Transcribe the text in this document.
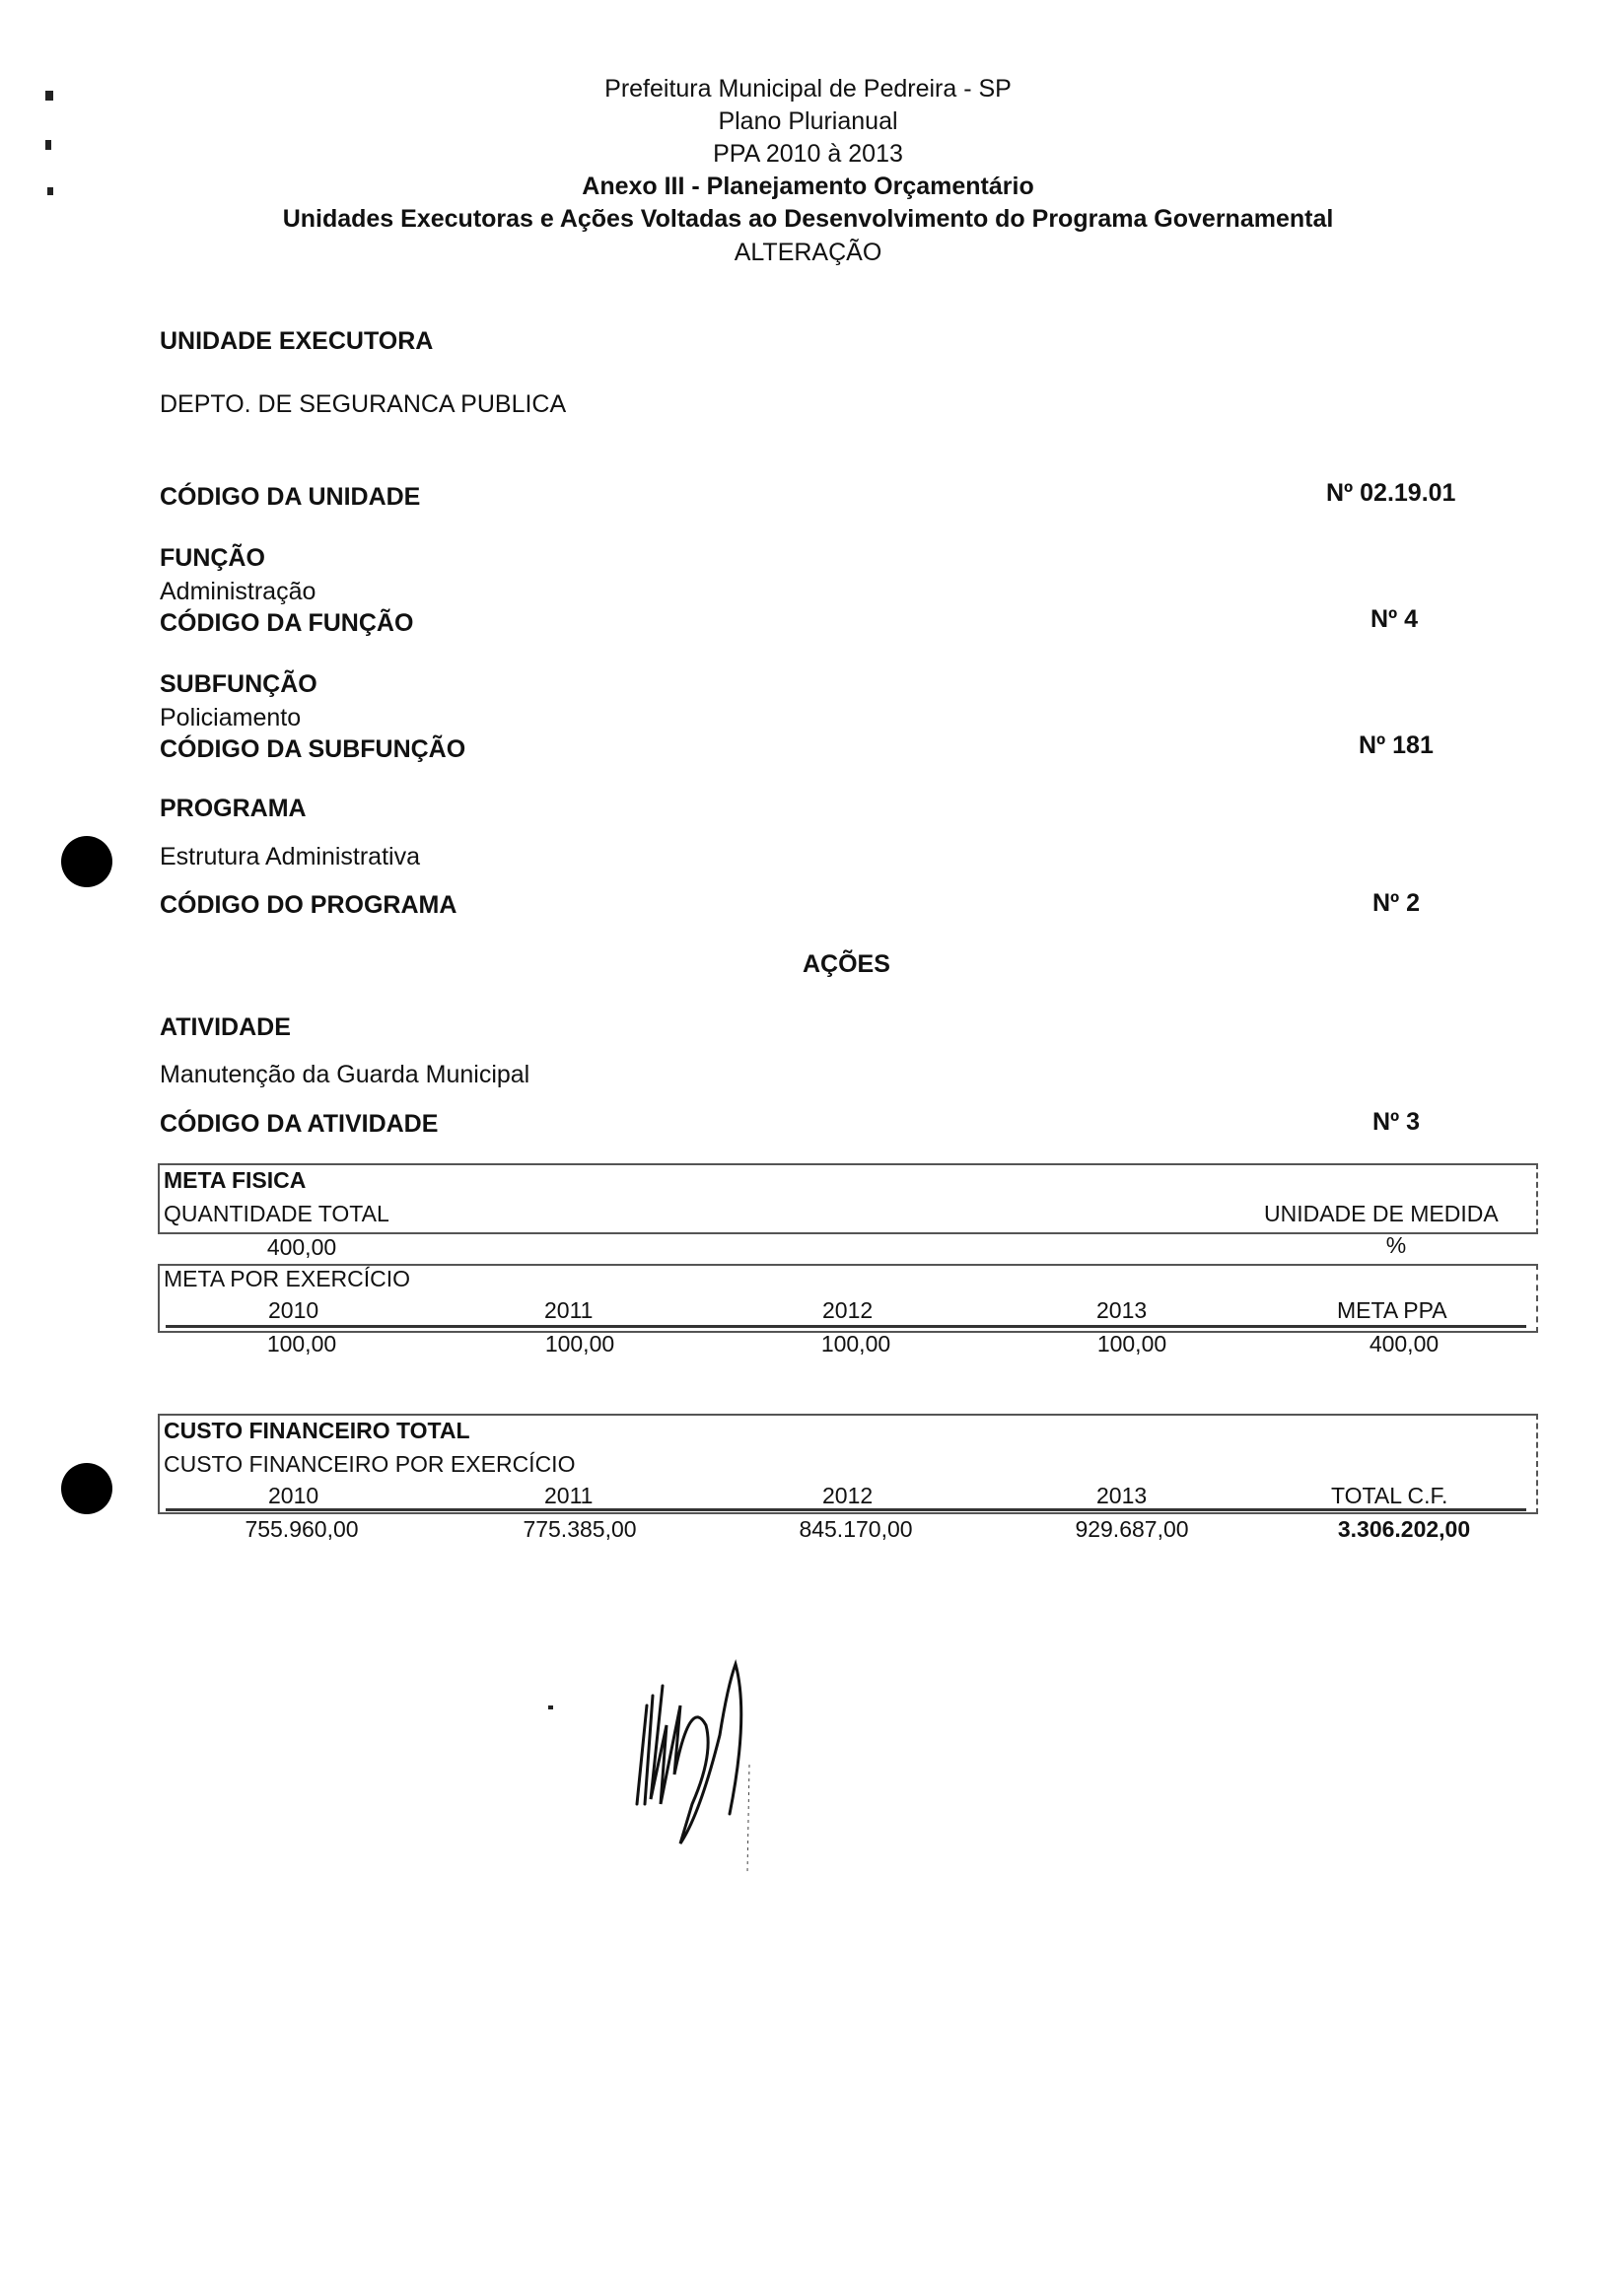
Prefeitura Municipal de Pedreira - SP
Plano Plurianual
PPA 2010 à 2013
Anexo III - Planejamento Orçamentário
Unidades Executoras e Ações Voltadas ao Desenvolvimento do Programa Governamental
ALTERAÇÃO
UNIDADE EXECUTORA
DEPTO. DE SEGURANCA PUBLICA
CÓDIGO DA UNIDADE	Nº 02.19.01
FUNÇÃO
Administração
CÓDIGO DA FUNÇÃO	Nº 4
SUBFUNÇÃO
Policiamento
CÓDIGO DA SUBFUNÇÃO	Nº 181
PROGRAMA
Estrutura Administrativa
CÓDIGO DO PROGRAMA	Nº 2
AÇÕES
ATIVIDADE
Manutenção da Guarda Municipal
CÓDIGO DA ATIVIDADE	Nº 3
META FISICA
QUANTIDADE TOTAL	UNIDADE DE MEDIDA
400,00	%
META POR EXERCÍCIO
2010	2011	2012	2013	META PPA
100,00	100,00	100,00	100,00	400,00
CUSTO FINANCEIRO TOTAL
CUSTO FINANCEIRO POR EXERCÍCIO
2010	2011	2012	2013	TOTAL C.F.
755.960,00	775.385,00	845.170,00	929.687,00	3.306.202,00
